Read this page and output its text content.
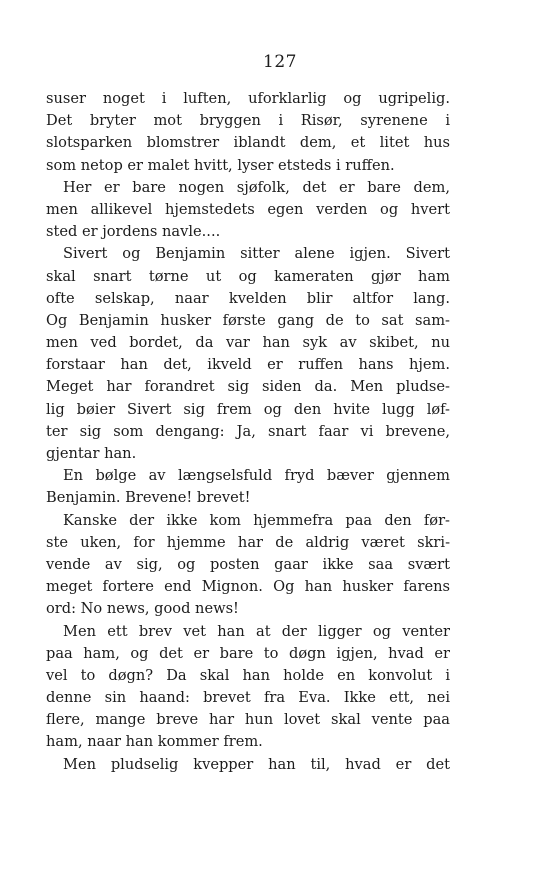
127
suser noget i luften, uforklarlig og ugripelig.
Det bryter mot bryggen i Risør, syrenene i
slotsparken blomstrer iblandt dem, et litet hus
som netop er malet hvitt, lyser etsteds i ruffen.
Her er bare nogen sjøfolk, det er bare dem,
men allikevel hjemstedets egen verden og hvert
sted er jordens navle....
Sivert og Benjamin sitter alene igjen. Sivert
skal snart tørne ut og kameraten gjør ham
ofte selskap, naar kvelden blir altfor lang.
Og Benjamin husker første gang de to sat sam-
men ved bordet, da var han syk av skibet, nu
forstaar han det, ikveld er ruffen hans hjem.
Meget har forandret sig siden da. Men pludse-
lig bøier Sivert sig frem og den hvite lugg løf-
ter sig som dengang: Ja, snart faar vi brevene,
gjentar han.
En bølge av længselsfuld fryd bæver gjennem
Benjamin. Brevene! brevet!
Kanske der ikke kom hjemmefra paa den før-
ste uken, for hjemme har de aldrig været skri-
vende av sig, og posten gaar ikke saa svært
meget fortere end Mignon. Og han husker farens
ord: No news, good news!
Men ett brev vet han at der ligger og venter
paa ham, og det er bare to døgn igjen, hvad er
vel to døgn? Da skal han holde en konvolut i
denne sin haand: brevet fra Eva. Ikke ett, nei
flere, mange breve har hun lovet skal vente paa
ham, naar han kommer frem.
Men pludselig kvepper han til, hvad er det
